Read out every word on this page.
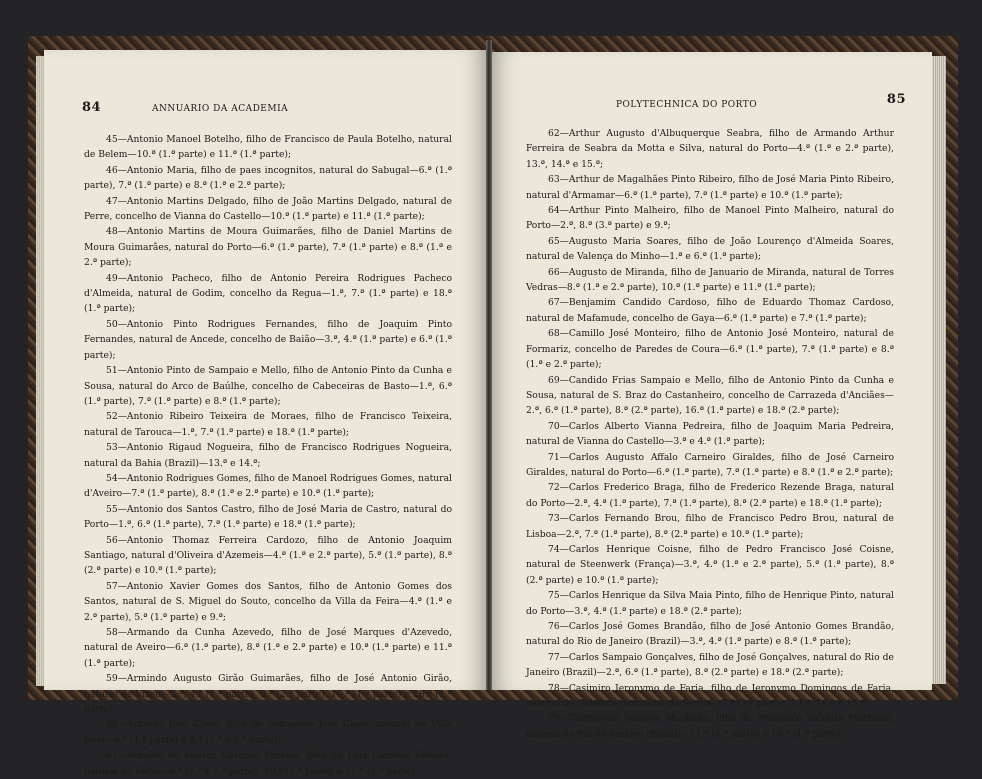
84	ANNUARIO DA ACADEMIA

45—Antonio Manoel Botelho, filho de Francisco de Paula Botelho, natural de Belem—10.ª (1.ª parte) e 11.ª (1.ª parte);

46—Antonio Maria, filho de paes incognitos, natural do Sabugal—6.ª (1.ª parte), 7.ª (1.ª parte) e 8.ª (1.ª e 2.ª parte);

47—Antonio Martins Delgado, filho de João Martins Delgado, natural de Perre, concelho de Vianna do Castello—10.ª (1.ª parte) e 11.ª (1.ª parte);

48—Antonio Martins de Moura Guimarães, filho de Daniel Martins de Moura Guimarães, natural do Porto—6.ª (1.ª parte), 7.ª (1.ª parte) e 8.ª (1.ª e 2.ª parte);

49—Antonio Pacheco, filho de Antonio Pereira Rodrigues Pacheco d'Almeida, natural de Godim, concelho da Regua—1.ª, 7.ª (1.ª parte) e 18.ª (1.ª parte);

50—Antonio Pinto Rodrigues Fernandes, filho de Joaquim Pinto Fernandes, natural de Ancede, concelho de Baião—3.ª, 4.ª (1.ª parte) e 6.ª (1.ª parte);

51—Antonio Pinto de Sampaio e Mello, filho de Antonio Pinto da Cunha e Sousa, natural do Arco de Baúlhe, concelho de Cabeceiras de Basto—1.ª, 6.ª (1.ª parte), 7.ª (1.ª parte) e 8.ª (1.ª parte);

52—Antonio Ribeiro Teixeira de Moraes, filho de Francisco Teixeira, natural de Tarouca—1.ª, 7.ª (1.ª parte) e 18.ª (1.ª parte);

53—Antonio Rigaud Nogueira, filho de Francisco Rodrigues Nogueira, natural da Bahia (Brazil)—13.ª e 14.ª;

54—Antonio Rodrigues Gomes, filho de Manoel Rodrigues Gomes, natural d'Aveiro—7.ª (1.ª parte), 8.ª (1.ª e 2.ª parte) e 10.ª (1.ª parte);

55—Antonio dos Santos Castro, filho de José Maria de Castro, natural do Porto—1.ª, 6.ª (1.ª parte), 7.ª (1.ª parte) e 18.ª (1.ª parte);

56—Antonio Thomaz Ferreira Cardozo, filho de Antonio Joaquim Santiago, natural d'Oliveira d'Azemeis—4.ª (1.ª e 2.ª parte), 5.ª (1.ª parte), 8.ª (2.ª parte) e 10.ª (1.ª parte);

57—Antonio Xavier Gomes dos Santos, filho de Antonio Gomes dos Santos, natural de S. Miguel do Souto, concelho da Villa da Feira—4.ª (1.ª e 2.ª parte), 5.ª (1.ª parte) e 9.ª;

58—Armando da Cunha Azevedo, filho de José Marques d'Azevedo, natural de Aveiro—6.ª (1.ª parte), 8.ª (1.ª e 2.ª parte) e 10.ª (1.ª parte) e 11.ª (1.ª parte);

59—Armindo Augusto Girão Guimarães, filho de José Antonio Girão, natural de Vizeu—3.ª, 4.ª (1.ª parte), 8.ª (2.ª parte), 16.ª (1.ª parte) e 18.ª (1.ª parte);

60—Arnaldo José Claro, filho de Sebastião José Claro, natural de Villa Real—6.ª (1.ª parte) e 8.ª (1.ª e 2.ª parte);

61—Arnaldo de Mattos Cardoso Pereira, filho de Luiz Cardoso Pereira, natural do Porto—8.ª (1.ª e 2.ª parte), 10.ª (1.ª parte) e 11.ª (1.ª parte);

POLYTECHNICA DO PORTO	85

62—Arthur Augusto d'Albuquerque Seabra, filho de Armando Arthur Ferreira de Seabra da Motta e Silva, natural do Porto—4.ª (1.ª e 2.ª parte), 13.ª, 14.ª e 15.ª;

63—Arthur de Magalhães Pinto Ribeiro, filho de José Maria Pinto Ribeiro, natural d'Armamar—6.ª (1.ª parte), 7.ª (1.ª parte) e 10.ª (1.ª parte);

64—Arthur Pinto Malheiro, filho de Manoel Pinto Malheiro, natural do Porto—2.ª, 8.ª (3.ª parte) e 9.ª;

65—Augusto Maria Soares, filho de João Lourenço d'Almeida Soares, natural de Valença do Minho—1.ª e 6.ª (1.ª parte);

66—Augusto de Miranda, filho de Januario de Miranda, natural de Torres Vedras—8.ª (1.ª e 2.ª parte), 10.ª (1.ª parte) e 11.ª (1.ª parte);

67—Benjamim Candido Cardoso, filho de Eduardo Thomaz Cardoso, natural de Mafamude, concelho de Gaya—6.ª (1.ª parte) e 7.ª (1.ª parte);

68—Camillo José Monteiro, filho de Antonio José Monteiro, natural de Formariz, concelho de Paredes de Coura—6.ª (1.ª parte), 7.ª (1.ª parte) e 8.ª (1.ª e 2.ª parte);

69—Candido Frias Sampaio e Mello, filho de Antonio Pinto da Cunha e Sousa, natural de S. Braz do Castanheiro, concelho de Carrazeda d'Anciães—2.ª, 6.ª (1.ª parte), 8.ª (2.ª parte), 16.ª (1.ª parte) e 18.ª (2.ª parte);

70—Carlos Alberto Vianna Pedreira, filho de Joaquim Maria Pedreira, natural de Vianna do Castello—3.ª e 4.ª (1.ª parte);

71—Carlos Augusto Affalo Carneiro Giraldes, filho de José Carneiro Giraldes, natural do Porto—6.ª (1.ª parte), 7.ª (1.ª parte) e 8.ª (1.ª e 2.ª parte);

72—Carlos Frederico Braga, filho de Frederico Rezende Braga, natural do Porto—2.ª, 4.ª (1.ª parte), 7.ª (1.ª parte), 8.ª (2.ª parte) e 18.ª (1.ª parte);

73—Carlos Fernando Brou, filho de Francisco Pedro Brou, natural de Lisboa—2.ª, 7.ª (1.ª parte), 8.ª (2.ª parte) e 10.ª (1.ª parte);

74—Carlos Henrique Coisne, filho de Pedro Francisco José Coisne, natural de Steenwerk (França)—3.ª, 4.ª (1.ª e 2.ª parte), 5.ª (1.ª parte), 8.ª (2.ª parte) e 10.ª (1.ª parte);

75—Carlos Henrique da Silva Maia Pinto, filho de Henrique Pinto, natural do Porto—3.ª, 4.ª (1.ª parte) e 18.ª (2.ª parte);

76—Carlos José Gomes Brandão, filho de José Antonio Gomes Brandão, natural do Rio de Janeiro (Brazil)—3.ª, 4.ª (1.ª parte) e 8.ª (1.ª parte);

77—Carlos Sampaio Gonçalves, filho de José Gonçalves, natural do Rio de Janeiro (Brazil)—2.ª, 6.ª (1.ª parte), 8.ª (2.ª parte) e 18.ª (2.ª parte);

78—Casimiro Jeronymo de Faria, filho de Jeronymo Domingos de Faria, natural de Galafura, concelho da Regua—3.ª (2.ª parte), 13.ª, 14.ª e 15.ª;

79—Christovão Teixeira Machado, filho de Francisco Teixeira Machado, natural do Rio de Janeiro (Brazil)—11.ª (1.ª parte) e 16.ª (1.ª parte);
